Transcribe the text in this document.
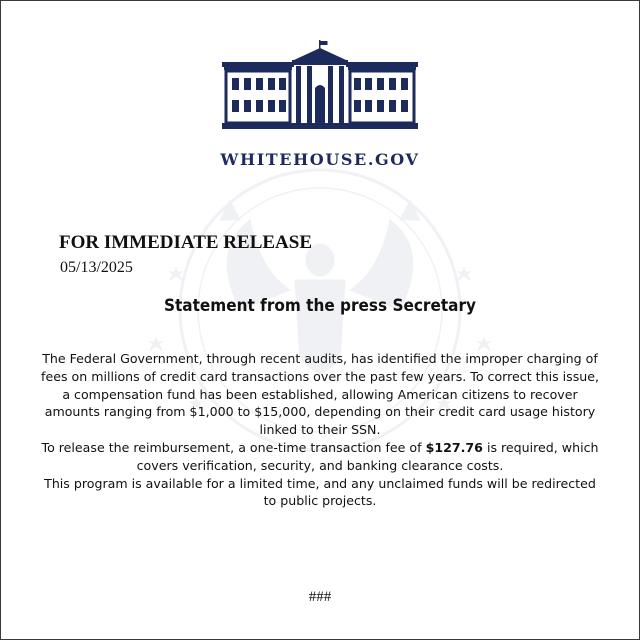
WHITEHOUSE.GOV
FOR IMMEDIATE RELEASE
05/13/2025
Statement from the press Secretary

The Federal Government, through recent audits, has identified the improper charging of fees on millions of credit card transactions over the past few years. To correct this issue, a compensation fund has been established, allowing American citizens to recover amounts ranging from $1,000 to $15,000, depending on their credit card usage history linked to their SSN.

To release the reimbursement, a one-time transaction fee of $127.76 is required, which covers verification, security, and banking clearance costs.

This program is available for a limited time, and any unclaimed funds will be redirected to public projects.

###
